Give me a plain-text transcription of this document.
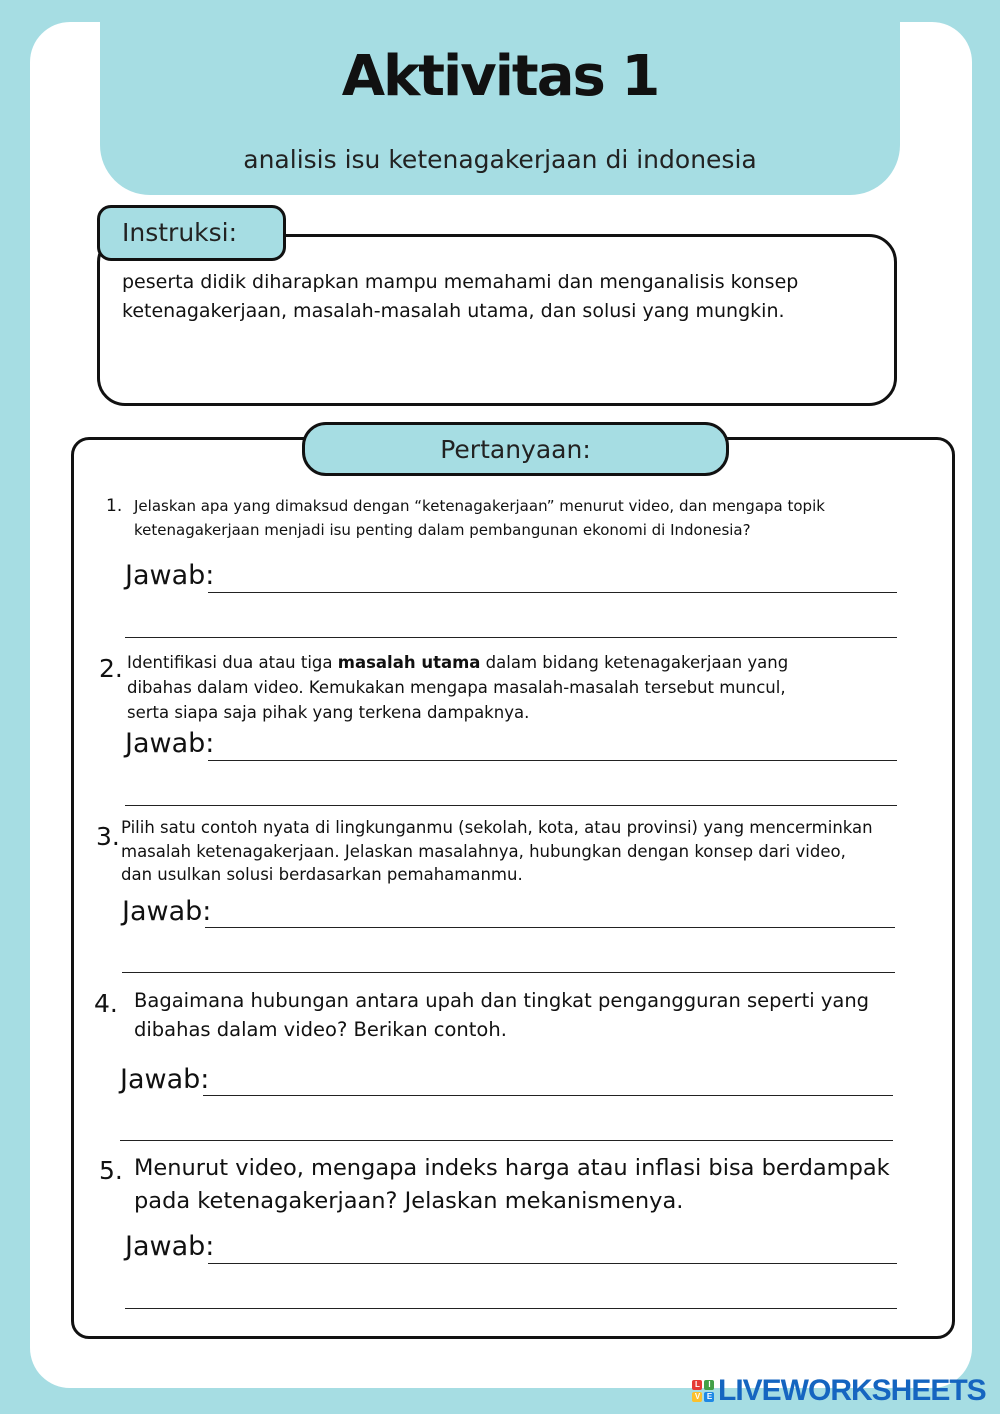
Aktivitas 1
analisis isu ketenagakerjaan di indonesia
Instruksi:
peserta didik diharapkan mampu memahami dan menganalisis konsep ketenagakerjaan, masalah-masalah utama, dan solusi yang mungkin.
Pertanyaan:
1. Jelaskan apa yang dimaksud dengan “ketenagakerjaan” menurut video, dan mengapa topik ketenagakerjaan menjadi isu penting dalam pembangunan ekonomi di Indonesia?
Jawab:
2. Identifikasi dua atau tiga masalah utama dalam bidang ketenagakerjaan yang dibahas dalam video. Kemukakan mengapa masalah-masalah tersebut muncul, serta siapa saja pihak yang terkena dampaknya.
Jawab:
3. Pilih satu contoh nyata di lingkunganmu (sekolah, kota, atau provinsi) yang mencerminkan masalah ketenagakerjaan. Jelaskan masalahnya, hubungkan dengan konsep dari video, dan usulkan solusi berdasarkan pemahamanmu.
Jawab:
4. Bagaimana hubungan antara upah dan tingkat pengangguran seperti yang dibahas dalam video? Berikan contoh.
Jawab:
5. Menurut video, mengapa indeks harga atau inflasi bisa berdampak pada ketenagakerjaan? Jelaskan mekanismenya.
Jawab:
L	I
V E LIVEWORKSHEETS
